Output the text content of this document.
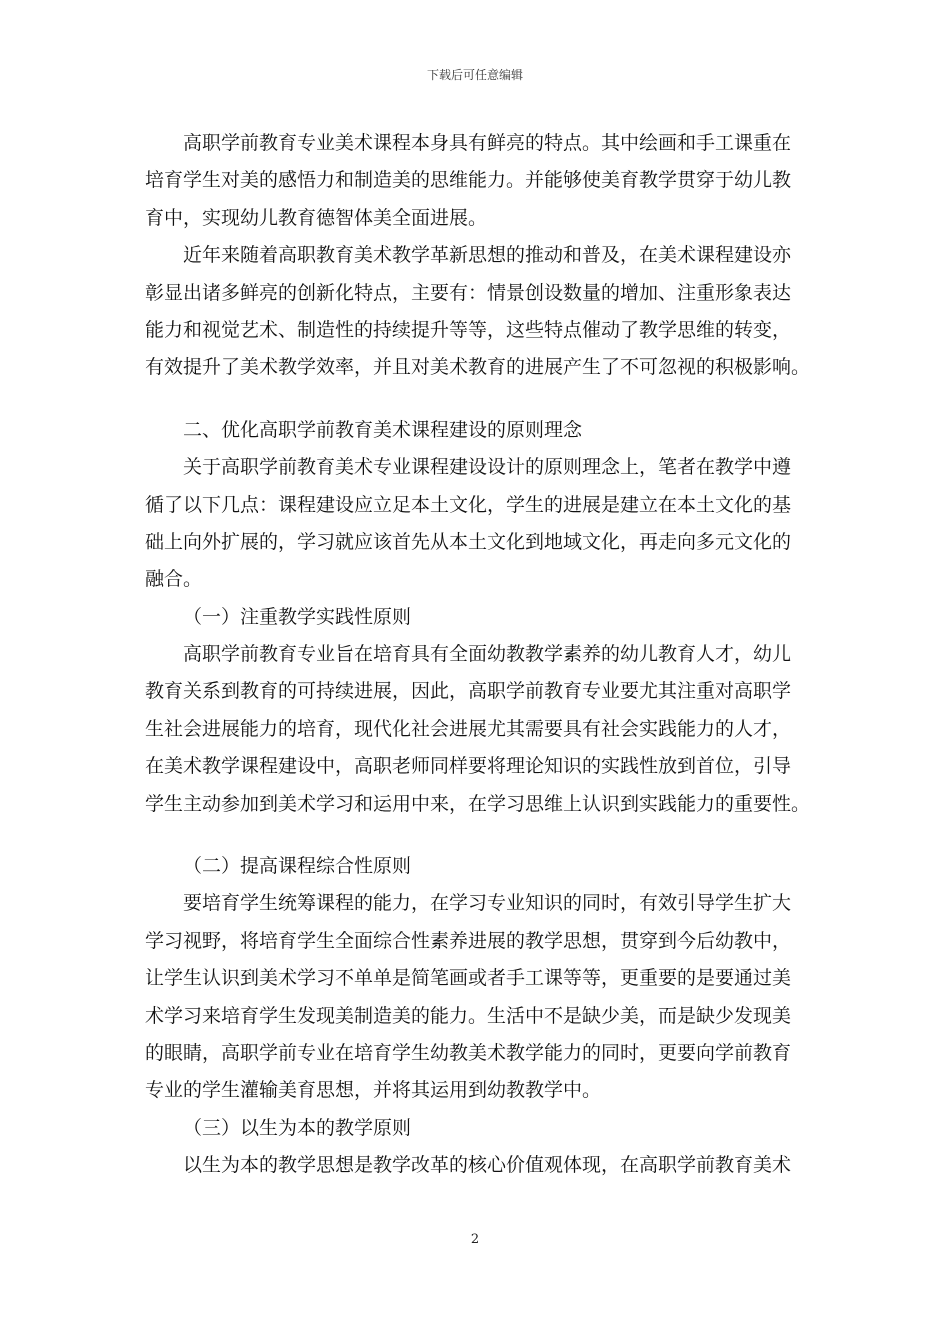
下载后可任意编辑
高职学前教育专业美术课程本身具有鲜亮的特点。其中绘画和手工课重在
培育学生对美的感悟力和制造美的思维能力。并能够使美育教学贯穿于幼儿教
育中，实现幼儿教育德智体美全面进展。
近年来随着高职教育美术教学革新思想的推动和普及，在美术课程建设亦
彰显出诸多鲜亮的创新化特点，主要有：情景创设数量的增加、注重形象表达
能力和视觉艺术、制造性的持续提升等等，这些特点催动了教学思维的转变，
有效提升了美术教学效率，并且对美术教育的进展产生了不可忽视的积极影响。
二、优化高职学前教育美术课程建设的原则理念
关于高职学前教育美术专业课程建设设计的原则理念上，笔者在教学中遵
循了以下几点：课程建设应立足本土文化，学生的进展是建立在本土文化的基
础上向外扩展的，学习就应该首先从本土文化到地域文化，再走向多元文化的
融合。
（一）注重教学实践性原则
高职学前教育专业旨在培育具有全面幼教教学素养的幼儿教育人才，幼儿
教育关系到教育的可持续进展，因此，高职学前教育专业要尤其注重对高职学
生社会进展能力的培育，现代化社会进展尤其需要具有社会实践能力的人才，
在美术教学课程建设中，高职老师同样要将理论知识的实践性放到首位，引导
学生主动参加到美术学习和运用中来，在学习思维上认识到实践能力的重要性。
（二）提高课程综合性原则
要培育学生统筹课程的能力，在学习专业知识的同时，有效引导学生扩大
学习视野，将培育学生全面综合性素养进展的教学思想，贯穿到今后幼教中，
让学生认识到美术学习不单单是简笔画或者手工课等等，更重要的是要通过美
术学习来培育学生发现美制造美的能力。生活中不是缺少美，而是缺少发现美
的眼睛，高职学前专业在培育学生幼教美术教学能力的同时，更要向学前教育
专业的学生灌输美育思想，并将其运用到幼教教学中。
（三）以生为本的教学原则
以生为本的教学思想是教学改革的核心价值观体现，在高职学前教育美术
2
